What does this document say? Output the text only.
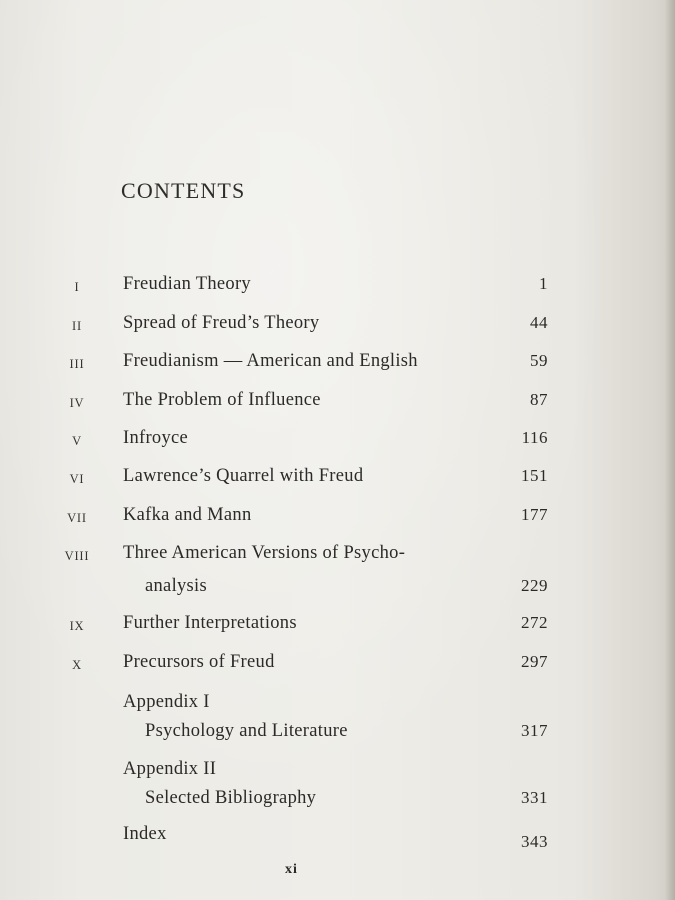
CONTENTS
I	Freudian Theory	1
II	Spread of Freud’s Theory	44
III	Freudianism — American and English	59
IV	The Problem of Influence	87
V	Infroyce	116
VI	Lawrence’s Quarrel with Freud	151
VII	Kafka and Mann	177
VIII	Three American Versions of Psycho-
analysis	229
IX	Further Interpretations	272
X	Precursors of Freud	297
Appendix I
Psychology and Literature	317
Appendix II
Selected Bibliography	331
Index	343
xi
